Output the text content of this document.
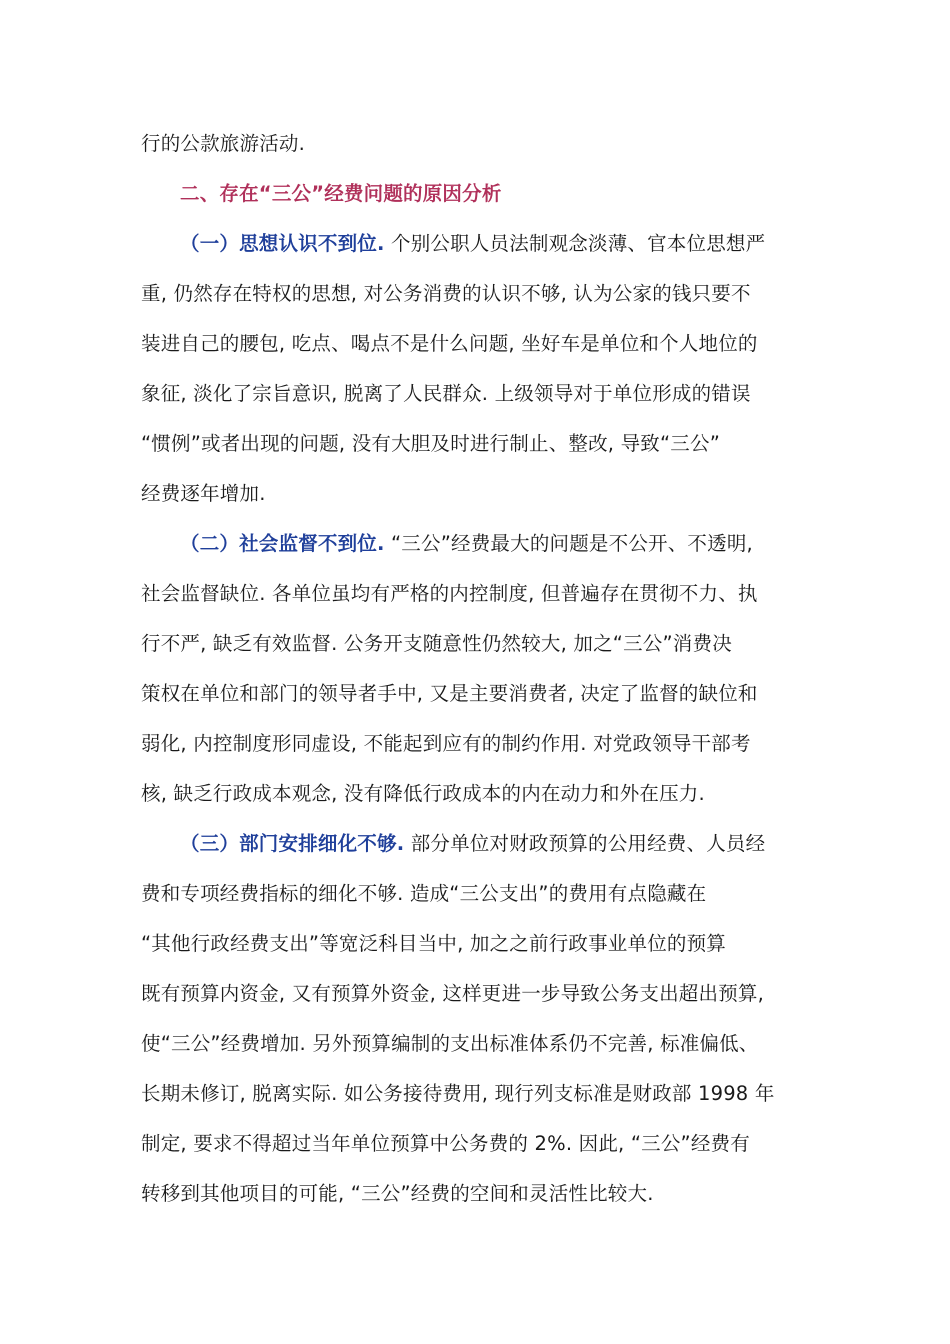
行的公款旅游活动.
二、存在“三公”经费问题的原因分析
（一）思想认识不到位. 个别公职人员法制观念淡薄、官本位思想严
重, 仍然存在特权的思想, 对公务消费的认识不够, 认为公家的钱只要不
装进自己的腰包, 吃点、喝点不是什么问题, 坐好车是单位和个人地位的
象征, 淡化了宗旨意识, 脱离了人民群众. 上级领导对于单位形成的错误
“惯例”或者出现的问题, 没有大胆及时进行制止、整改, 导致“三公”
经费逐年增加.
（二）社会监督不到位. “三公”经费最大的问题是不公开、不透明,
社会监督缺位. 各单位虽均有严格的内控制度, 但普遍存在贯彻不力、执
行不严, 缺乏有效监督. 公务开支随意性仍然较大, 加之“三公”消费决
策权在单位和部门的领导者手中, 又是主要消费者, 决定了监督的缺位和
弱化, 内控制度形同虚设, 不能起到应有的制约作用. 对党政领导干部考
核, 缺乏行政成本观念, 没有降低行政成本的内在动力和外在压力.
（三）部门安排细化不够. 部分单位对财政预算的公用经费、人员经
费和专项经费指标的细化不够. 造成“三公支出”的费用有点隐藏在
“其他行政经费支出”等宽泛科目当中, 加之之前行政事业单位的预算
既有预算内资金, 又有预算外资金, 这样更进一步导致公务支出超出预算,
使“三公”经费增加. 另外预算编制的支出标准体系仍不完善, 标准偏低、
长期未修订, 脱离实际. 如公务接待费用, 现行列支标准是财政部 1998 年
制定, 要求不得超过当年单位预算中公务费的 2%. 因此, “三公”经费有
转移到其他项目的可能, “三公”经费的空间和灵活性比较大.
